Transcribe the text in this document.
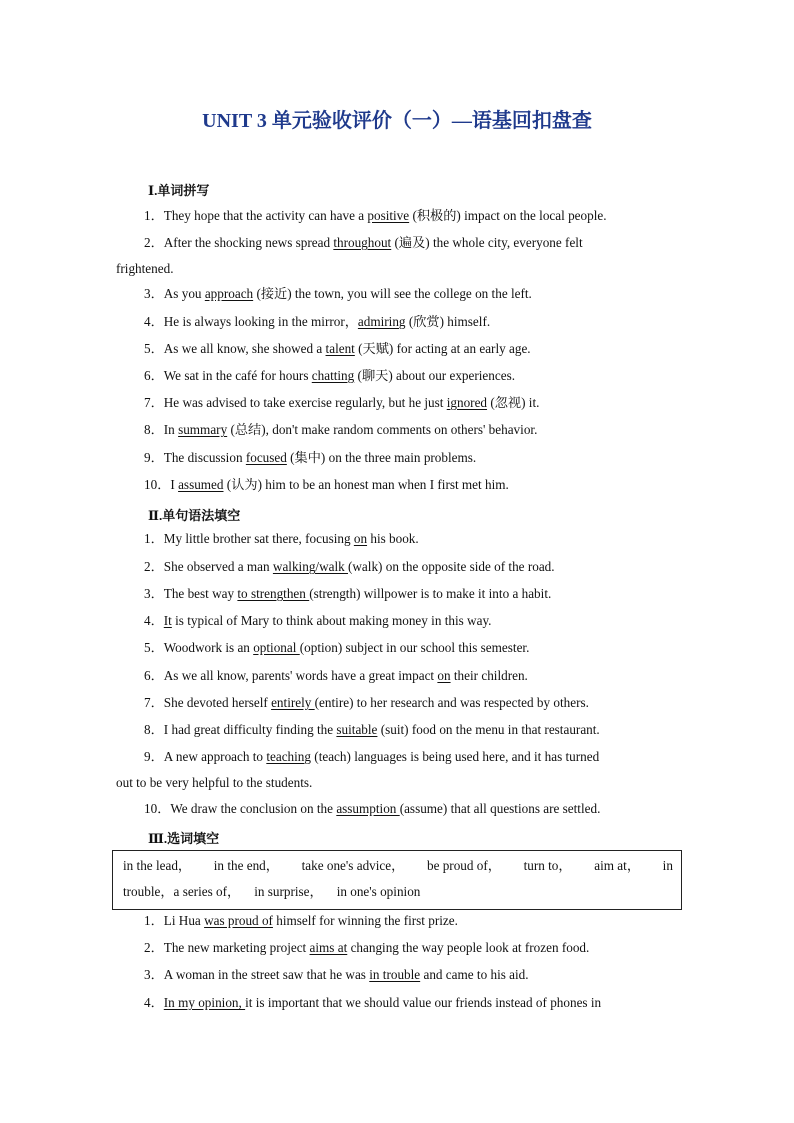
UNIT 3 单元验收评价（一）—语基回扣盘查
Ⅰ.单词拼写
1．They hope that the activity can have a positive (积极的) impact on the local people.
2．After the shocking news spread throughout (遍及) the whole city, everyone felt
frightened.
3．As you approach (接近) the town, you will see the college on the left.
4．He is always looking in the mirror，admiring (欣赏) himself.
5．As we all know, she showed a talent (天赋) for acting at an early age.
6．We sat in the café for hours chatting (聊天) about our experiences.
7．He was advised to take exercise regularly, but he just ignored (忽视) it.
8．In summary (总结), don't make random comments on others' behavior.
9．The discussion focused (集中) on the three main problems.
10．I assumed (认为) him to be an honest man when I first met him.
Ⅱ.单句语法填空
1．My little brother sat there, focusing on his book.
2．She observed a man walking/walk (walk) on the opposite side of the road.
3．The best way to strengthen (strength) willpower is to make it into a habit.
4．It is typical of Mary to think about making money in this way.
5．Woodwork is an optional (option) subject in our school this semester.
6．As we all know, parents' words have a great impact on their children.
7．She devoted herself entirely (entire) to her research and was respected by others.
8．I had great difficulty finding the suitable (suit) food on the menu in that restaurant.
9．A new approach to teaching (teach) languages is being used here, and it has turned
out to be very helpful to the students.
10．We draw the conclusion on the assumption (assume) that all questions are settled.
Ⅲ.选词填空
in the lead， in the end， take one's advice， be proud of， turn to， aim at， in
trouble，a series of， in surprise， in one's opinion
1．Li Hua was proud of himself for winning the first prize.
2．The new marketing project aims at changing the way people look at frozen food.
3．A woman in the street saw that he was in trouble and came to his aid.
4．In my opinion, it is important that we should value our friends instead of phones in
